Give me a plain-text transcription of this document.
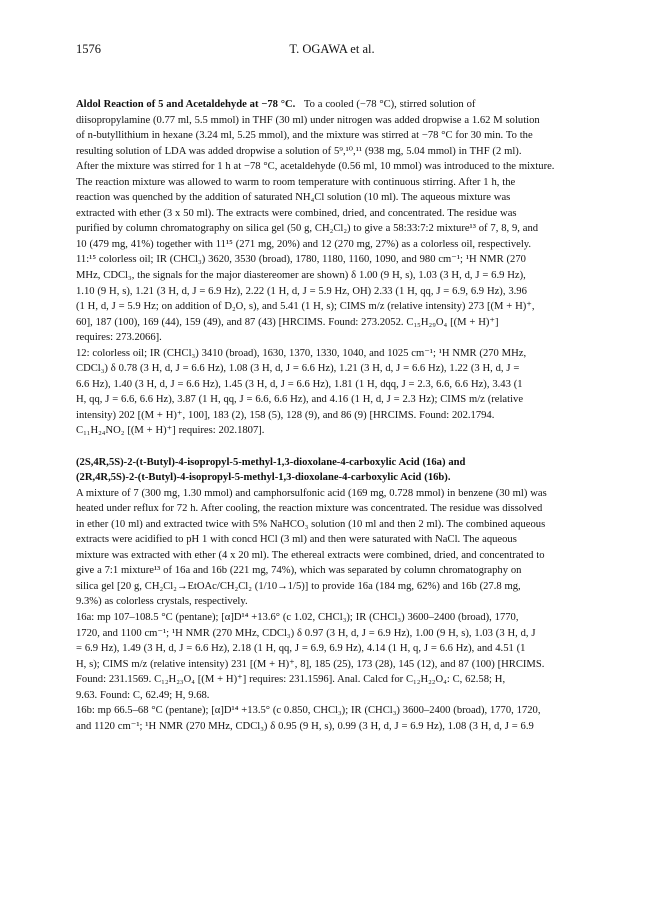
1576	T. OGAWA et al.
Aldol Reaction of 5 and Acetaldehyde at −78 °C. To a cooled (−78 °C), stirred solution of
diisopropylamine (0.77 ml, 5.5 mmol) in THF (30 ml) under nitrogen was added dropwise a 1.62 M solution
of n-butyllithium in hexane (3.24 ml, 5.25 mmol), and the mixture was stirred at −78 °C for 30 min. To the
resulting solution of LDA was added dropwise a solution of 5⁹,¹⁰,¹¹ (938 mg, 5.04 mmol) in THF (2 ml).
After the mixture was stirred for 1 h at −78 °C, acetaldehyde (0.56 ml, 10 mmol) was introduced to the mixture.
The reaction mixture was allowed to warm to room temperature with continuous stirring. After 1 h, the
reaction was quenched by the addition of saturated NH₄Cl solution (10 ml). The aqueous mixture was
extracted with ether (3 x 50 ml). The extracts were combined, dried, and concentrated. The residue was
purified by column chromatography on silica gel (50 g, CH₂Cl₂) to give a 58:33:7:2 mixture¹³ of 7, 8, 9, and
10 (479 mg, 41%) together with 11¹⁵ (271 mg, 20%) and 12 (270 mg, 27%) as a colorless oil, respectively.
11:¹⁵ colorless oil; IR (CHCl₃) 3620, 3530 (broad), 1780, 1180, 1160, 1090, and 980 cm⁻¹; ¹H NMR (270
MHz, CDCl₃, the signals for the major diastereomer are shown) δ 1.00 (9 H, s), 1.03 (3 H, d, J = 6.9 Hz),
1.10 (9 H, s), 1.21 (3 H, d, J = 6.9 Hz), 2.22 (1 H, d, J = 5.9 Hz, OH) 2.33 (1 H, qq, J = 6.9, 6.9 Hz), 3.96
(1 H, d, J = 5.9 Hz; on addition of D₂O, s), and 5.41 (1 H, s); CIMS m/z (relative intensity) 273 [(M + H)⁺,
60], 187 (100), 169 (44), 159 (49), and 87 (43) [HRCIMS. Found: 273.2052. C₁₅H₂₉O₄ [(M + H)⁺]
requires: 273.2066].
12: colorless oil; IR (CHCl₃) 3410 (broad), 1630, 1370, 1330, 1040, and 1025 cm⁻¹; ¹H NMR (270 MHz,
CDCl₃) δ 0.78 (3 H, d, J = 6.6 Hz), 1.08 (3 H, d, J = 6.6 Hz), 1.21 (3 H, d, J = 6.6 Hz), 1.22 (3 H, d, J =
6.6 Hz), 1.40 (3 H, d, J = 6.6 Hz), 1.45 (3 H, d, J = 6.6 Hz), 1.81 (1 H, dqq, J = 2.3, 6.6, 6.6 Hz), 3.43 (1
H, qq, J = 6.6, 6.6 Hz), 3.87 (1 H, qq, J = 6.6, 6.6 Hz), and 4.16 (1 H, d, J = 2.3 Hz); CIMS m/z (relative
intensity) 202 [(M + H)⁺, 100], 183 (2), 158 (5), 128 (9), and 86 (9) [HRCIMS. Found: 202.1794.
C₁₁H₂₄NO₂ [(M + H)⁺] requires: 202.1807].
(2S,4R,5S)-2-(t-Butyl)-4-isopropyl-5-methyl-1,3-dioxolane-4-carboxylic Acid (16a) and
(2R,4R,5S)-2-(t-Butyl)-4-isopropyl-5-methyl-1,3-dioxolane-4-carboxylic Acid (16b).
A mixture of 7 (300 mg, 1.30 mmol) and camphorsulfonic acid (169 mg, 0.728 mmol) in benzene (30 ml) was
heated under reflux for 72 h. After cooling, the reaction mixture was concentrated. The residue was dissolved
in ether (10 ml) and extracted twice with 5% NaHCO₃ solution (10 ml and then 2 ml). The combined aqueous
extracts were acidified to pH 1 with concd HCl (3 ml) and then were saturated with NaCl. The aqueous
mixture was extracted with ether (4 x 20 ml). The ethereal extracts were combined, dried, and concentrated to
give a 7:1 mixture¹³ of 16a and 16b (221 mg, 74%), which was separated by column chromatography on
silica gel [20 g, CH₂Cl₂→EtOAc/CH₂Cl₂ (1/10→1/5)] to provide 16a (184 mg, 62%) and 16b (27.8 mg,
9.3%) as colorless crystals, respectively.
16a: mp 107–108.5 °C (pentane); [α]D¹⁴ +13.6° (c 1.02, CHCl₃); IR (CHCl₃) 3600–2400 (broad), 1770,
1720, and 1100 cm⁻¹; ¹H NMR (270 MHz, CDCl₃) δ 0.97 (3 H, d, J = 6.9 Hz), 1.00 (9 H, s), 1.03 (3 H, d, J
= 6.9 Hz), 1.49 (3 H, d, J = 6.6 Hz), 2.18 (1 H, qq, J = 6.9, 6.9 Hz), 4.14 (1 H, q, J = 6.6 Hz), and 4.51 (1
H, s); CIMS m/z (relative intensity) 231 [(M + H)⁺, 8], 185 (25), 173 (28), 145 (12), and 87 (100) [HRCIMS.
Found: 231.1569. C₁₂H₂₃O₄ [(M + H)⁺] requires: 231.1596]. Anal. Calcd for C₁₂H₂₂O₄: C, 62.58; H,
9.63. Found: C, 62.49; H, 9.68.
16b: mp 66.5–68 °C (pentane); [α]D¹⁴ +13.5° (c 0.850, CHCl₃); IR (CHCl₃) 3600–2400 (broad), 1770, 1720,
and 1120 cm⁻¹; ¹H NMR (270 MHz, CDCl₃) δ 0.95 (9 H, s), 0.99 (3 H, d, J = 6.9 Hz), 1.08 (3 H, d, J = 6.9
